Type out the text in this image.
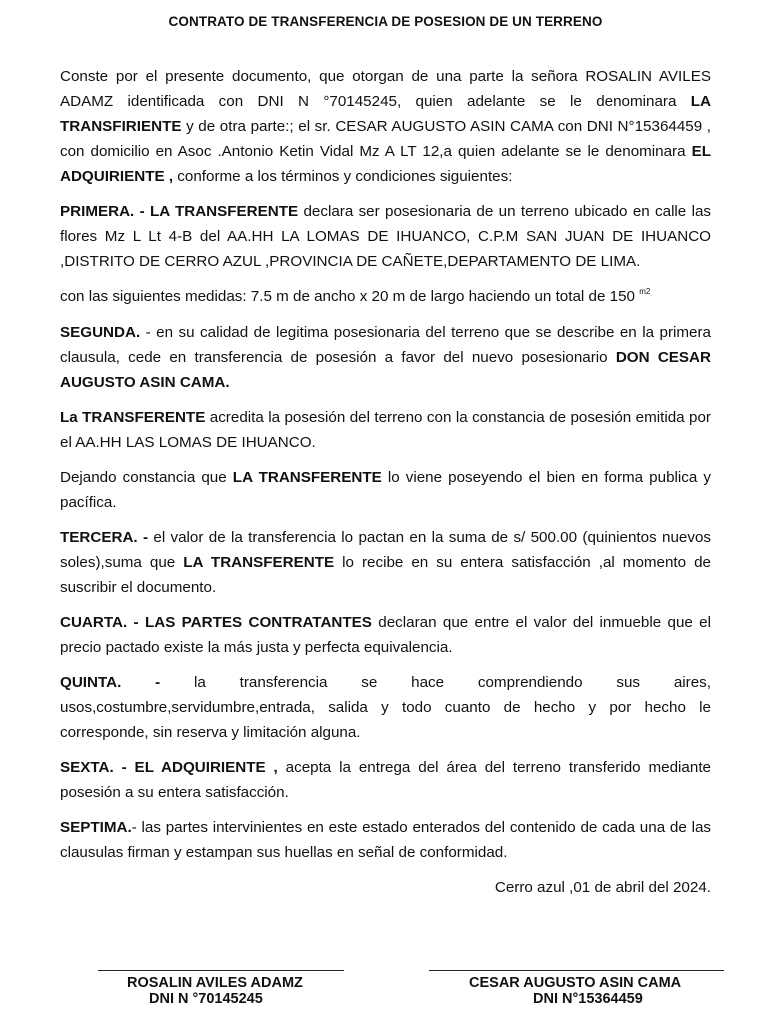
CONTRATO DE TRANSFERENCIA DE POSESION DE UN TERRENO

Conste por el presente documento, que otorgan de una parte la señora ROSALIN AVILES ADAMZ identificada con DNI N °70145245, quien adelante se le denominara LA TRANSFIRIENTE y de otra parte:; el sr. CESAR AUGUSTO ASIN CAMA con DNI N°15364459 , con domicilio en Asoc .Antonio Ketin Vidal Mz A LT 12,a quien adelante se le denominara EL ADQUIRIENTE , conforme a los términos y condiciones siguientes:

PRIMERA. - LA TRANSFERENTE declara ser posesionaria de un terreno ubicado en calle las flores Mz L Lt 4-B del AA.HH LA LOMAS DE IHUANCO, C.P.M SAN JUAN DE IHUANCO ,DISTRITO DE CERRO AZUL ,PROVINCIA DE CAÑETE,DEPARTAMENTO DE LIMA.

con las siguientes medidas: 7.5 m de ancho x 20 m de largo haciendo un total de 150 $^{m2}$

SEGUNDA. - en su calidad de legitima posesionaria del terreno que se describe en la primera clausula, cede en transferencia de posesión a favor del nuevo posesionario DON CESAR AUGUSTO ASIN CAMA.

La TRANSFERENTE acredita la posesión del terreno con la constancia de posesión emitida por el AA.HH LAS LOMAS DE IHUANCO.

Dejando constancia que LA TRANSFERENTE lo viene poseyendo el bien en forma publica y pacífica.

TERCERA. - el valor de la transferencia lo pactan en la suma de s/ 500.00 (quinientos nuevos soles),suma que LA TRANSFERENTE lo recibe en su entera satisfacción ,al momento de suscribir el documento.

CUARTA. - LAS PARTES CONTRATANTES declaran que entre el valor del inmueble que el precio pactado existe la más justa y perfecta equivalencia.

QUINTA. - la transferencia se hace comprendiendo sus aires, usos,costumbre,servidumbre,entrada, salida y todo cuanto de hecho y por hecho le corresponde, sin reserva y limitación alguna.

SEXTA. - EL ADQUIRIENTE , acepta la entrega del área del terreno transferido mediante posesión a su entera satisfacción.

SEPTIMA.- las partes intervinientes en este estado enterados del contenido de cada una de las clausulas firman y estampan sus huellas en señal de conformidad.

Cerro azul ,01 de abril del 2024.

ROSALIN AVILES ADAMZ
DNI N °70145245
CESAR AUGUSTO ASIN CAMA
DNI N°15364459
